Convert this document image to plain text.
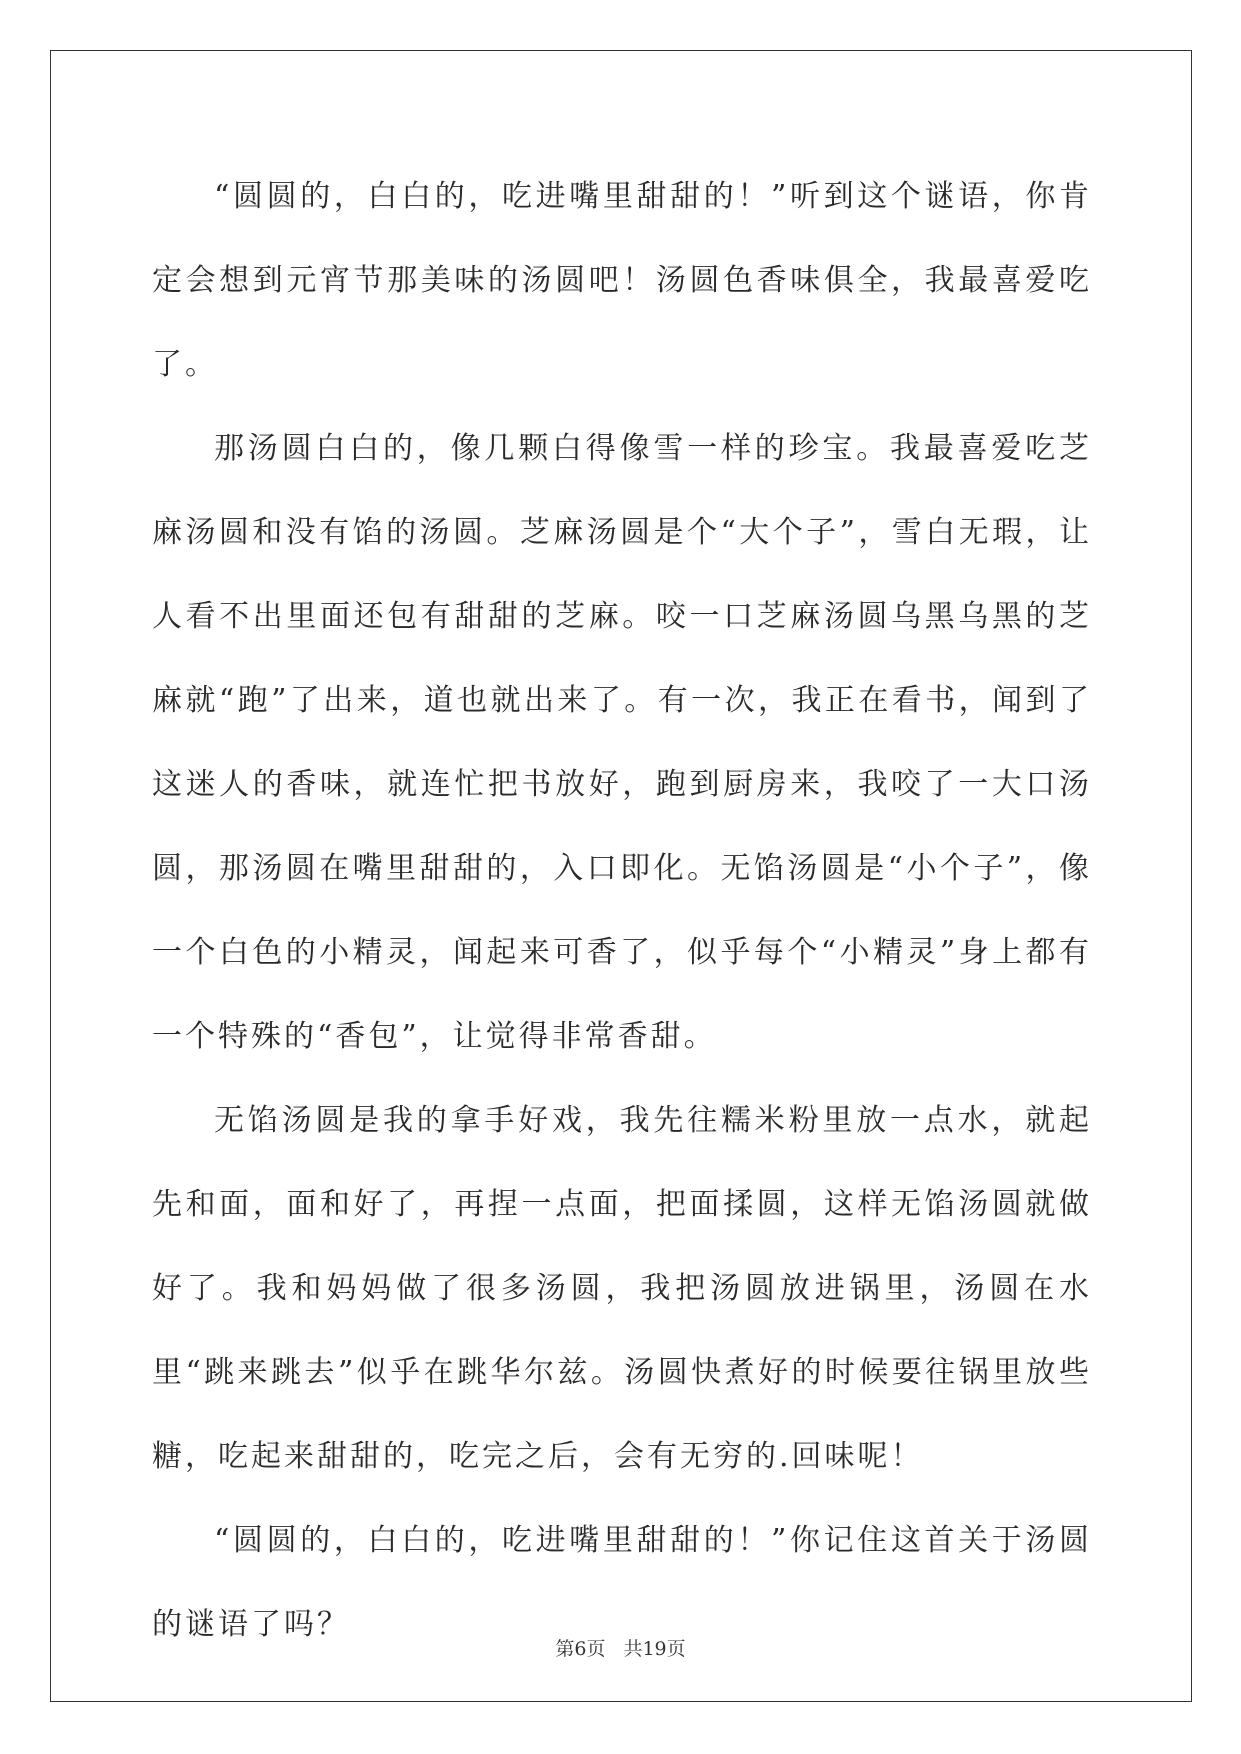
“圆圆的，白白的，吃进嘴里甜甜的！”听到这个谜语，你肯定会想到元宵节那美味的汤圆吧！汤圆色香味俱全，我最喜爱吃了。

那汤圆白白的，像几颗白得像雪一样的珍宝。我最喜爱吃芝麻汤圆和没有馅的汤圆。芝麻汤圆是个“大个子”，雪白无瑕，让人看不出里面还包有甜甜的芝麻。咬一口芝麻汤圆乌黑乌黑的芝麻就“跑”了出来，道也就出来了。有一次，我正在看书，闻到了这迷人的香味，就连忙把书放好，跑到厨房来，我咬了一大口汤圆，那汤圆在嘴里甜甜的，入口即化。无馅汤圆是“小个子”，像一个白色的小精灵，闻起来可香了，似乎每个“小精灵”身上都有一个特殊的“香包”，让觉得非常香甜。

无馅汤圆是我的拿手好戏，我先往糯米粉里放一点水，就起先和面，面和好了，再捏一点面，把面揉圆，这样无馅汤圆就做好了。我和妈妈做了很多汤圆，我把汤圆放进锅里，汤圆在水里“跳来跳去”似乎在跳华尔兹。汤圆快煮好的时候要往锅里放些糖，吃起来甜甜的，吃完之后，会有无穷的.回味呢！

“圆圆的，白白的，吃进嘴里甜甜的！”你记住这首关于汤圆的谜语了吗？

第6页 共19页
